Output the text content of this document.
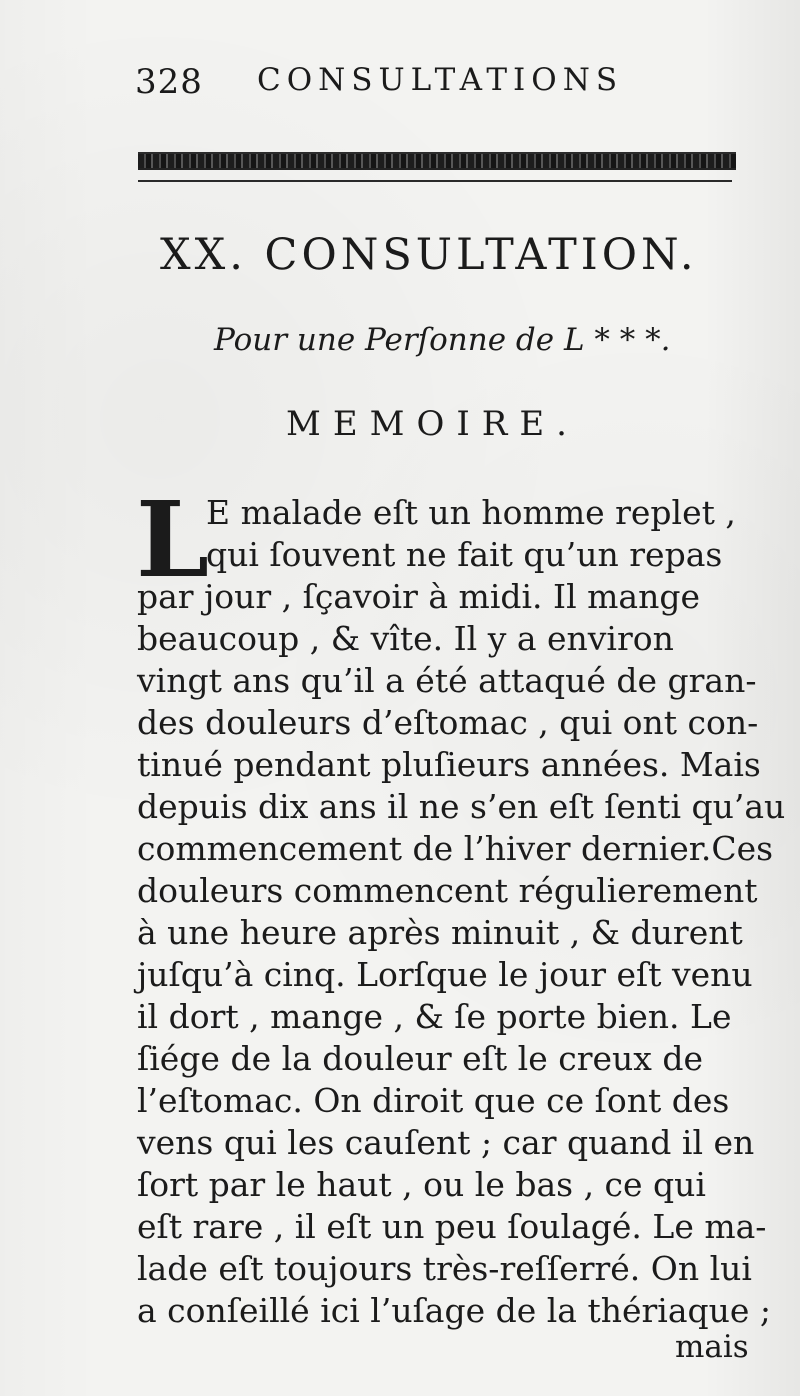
328 CONSULTATIONS
XX. CONSULTATION.
Pour une Perſonne de L * * *.
MEMOIRE.
L
E malade eſt un homme replet ,
qui ſouvent ne fait qu’un repas
par jour , ſçavoir à midi. Il mange
beaucoup , & vîte. Il y a environ
vingt ans qu’il a été attaqué de gran-
des douleurs d’eſtomac , qui ont con-
tinué pendant pluſieurs années. Mais
depuis dix ans il ne s’en eſt ſenti qu’au
commencement de l’hiver dernier.Ces
douleurs commencent régulierement
à une heure après minuit , & durent
juſqu’à cinq. Lorſque le jour eſt venu
il dort , mange , & ſe porte bien. Le
ſiége de la douleur eſt le creux de
l’eſtomac. On diroit que ce ſont des
vens qui les cauſent ; car quand il en
ſort par le haut , ou le bas , ce qui
eſt rare , il eſt un peu ſoulagé. Le ma-
lade eſt toujours très-reſſerré. On lui
a conſeillé ici l’uſage de la thériaque ;
mais
